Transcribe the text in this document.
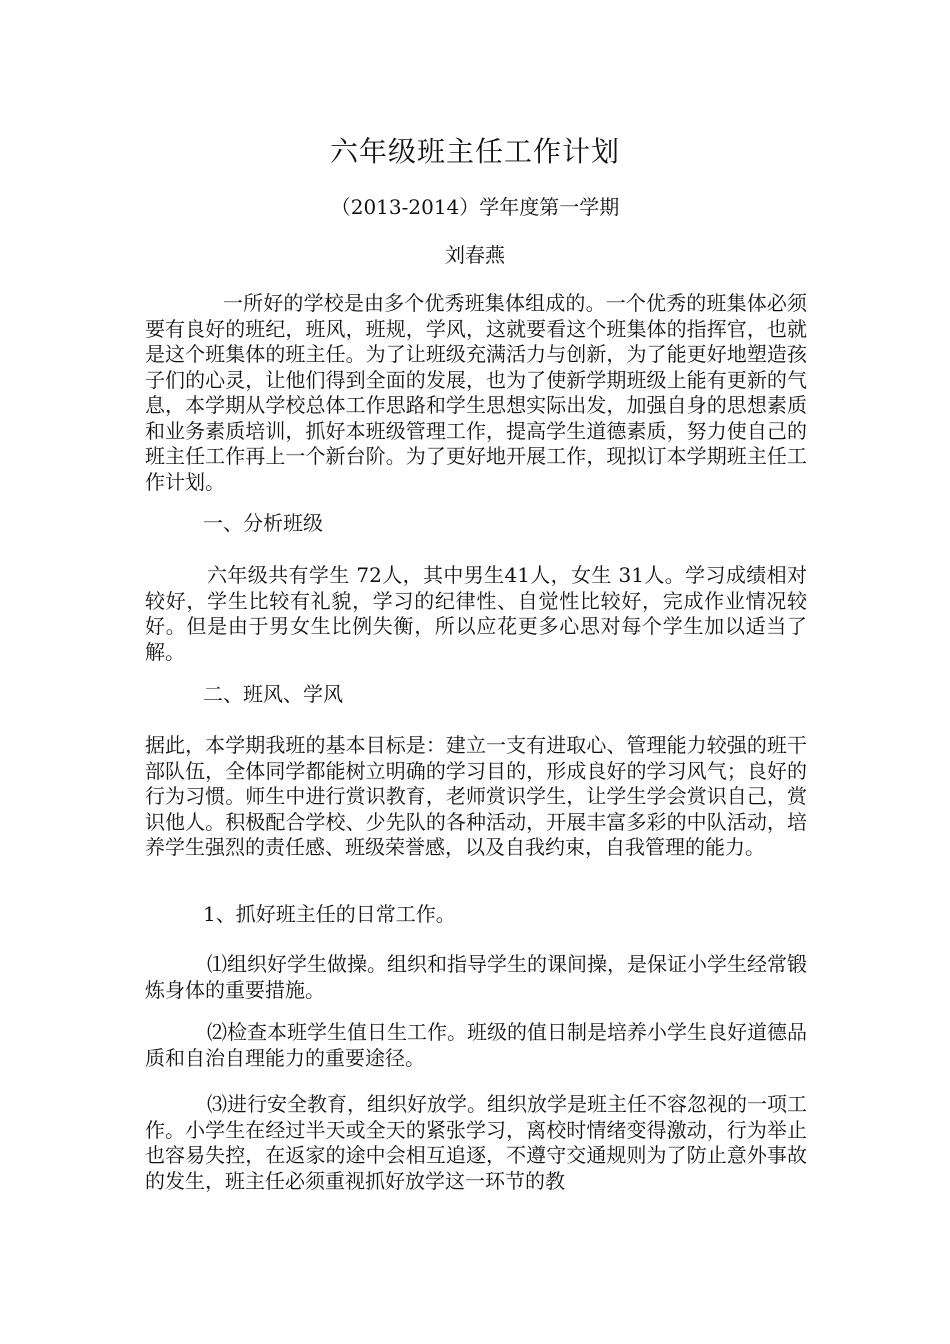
六年级班主任工作计划
（2013-2014）学年度第一学期
刘春燕

一所好的学校是由多个优秀班集体组成的。一个优秀的班集体必须要有良好的班纪，班风，班规，学风，这就要看这个班集体的指挥官，也就是这个班集体的班主任。为了让班级充满活力与创新，为了能更好地塑造孩子们的心灵，让他们得到全面的发展，也为了使新学期班级上能有更新的气息，本学期从学校总体工作思路和学生思想实际出发，加强自身的思想素质和业务素质培训，抓好本班级管理工作，提高学生道德素质，努力使自己的班主任工作再上一个新台阶。为了更好地开展工作，现拟订本学期班主任工作计划。

一、分析班级

六年级共有学生 72人，其中男生41人，女生 31人。学习成绩相对较好，学生比较有礼貌，学习的纪律性、自觉性比较好，完成作业情况较好。但是由于男女生比例失衡，所以应花更多心思对每个学生加以适当了解。

二、班风、学风

据此，本学期我班的基本目标是：建立一支有进取心、管理能力较强的班干部队伍，全体同学都能树立明确的学习目的，形成良好的学习风气；良好的行为习惯。师生中进行赏识教育，老师赏识学生，让学生学会赏识自己，赏识他人。积极配合学校、少先队的各种活动，开展丰富多彩的中队活动，培养学生强烈的责任感、班级荣誉感，以及自我约束，自我管理的能力。

1、抓好班主任的日常工作。

⑴组织好学生做操。组织和指导学生的课间操，是保证小学生经常锻炼身体的重要措施。

⑵检查本班学生值日生工作。班级的值日制是培养小学生良好道德品质和自治自理能力的重要途径。

⑶进行安全教育，组织好放学。组织放学是班主任不容忽视的一项工作。小学生在经过半天或全天的紧张学习，离校时情绪变得激动，行为举止也容易失控，在返家的途中会相互追逐，不遵守交通规则为了防止意外事故的发生，班主任必须重视抓好放学这一环节的教
